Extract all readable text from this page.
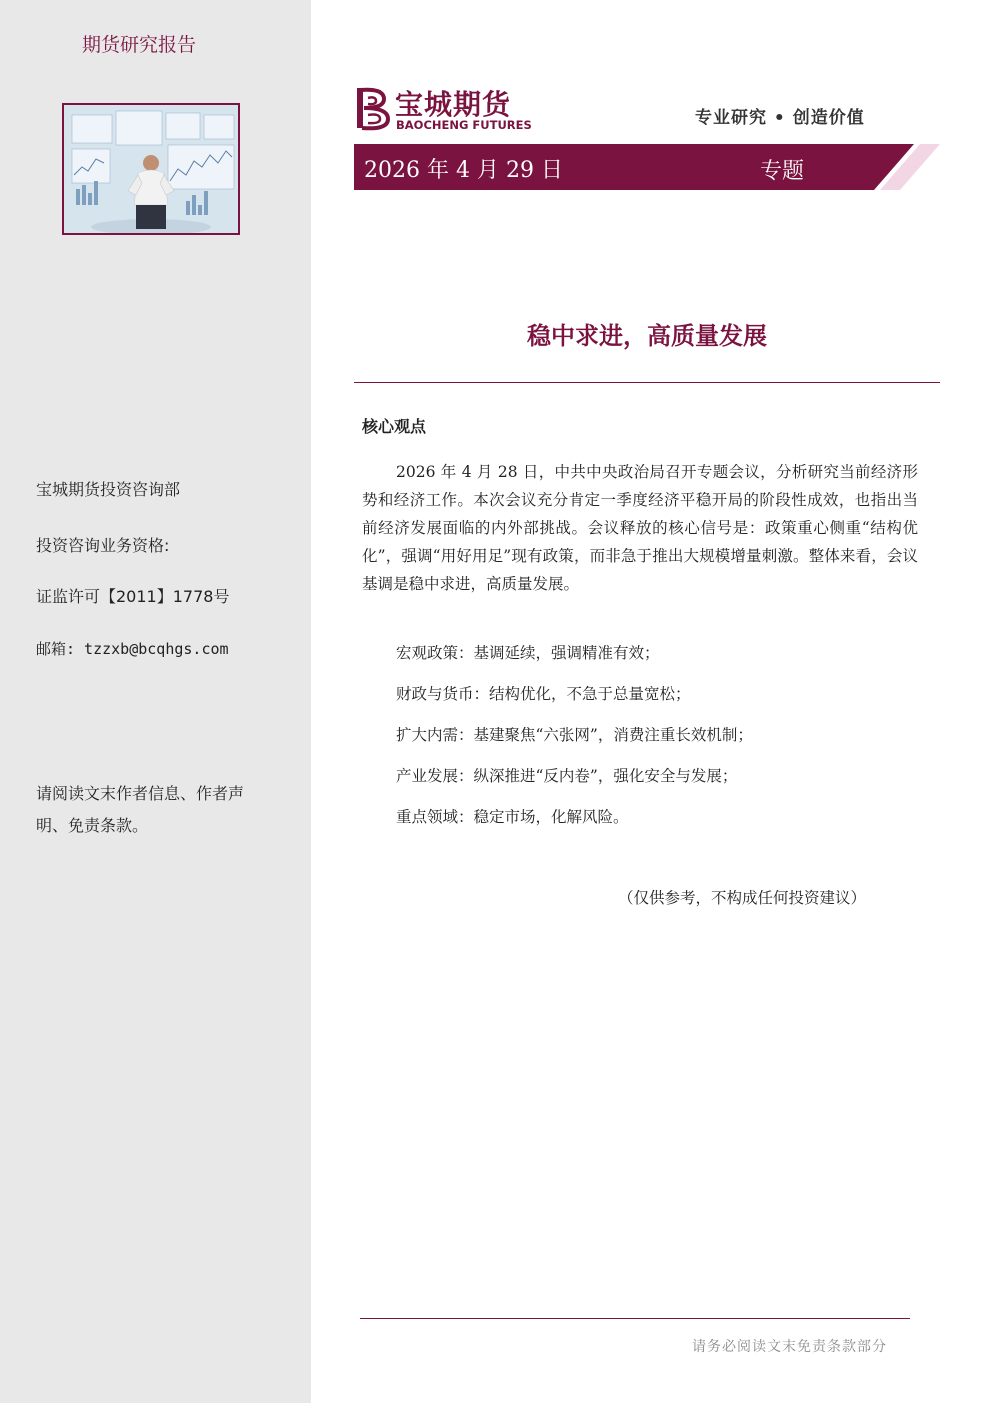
期货研究报告
宝城期货投资咨询部
投资咨询业务资格:
证监许可【2011】1778号
邮箱: tzzxb@bcqhgs.com
请阅读文末作者信息、作者声
明、免责条款。
宝城期货
BAOCHENG FUTURES	专业研究 • 创造价值
2026 年 4 月 29 日	专题
稳中求进，高质量发展
核心观点
2026 年 4 月 28 日，中共中央政治局召开专题会议，分析研究当前经济形势和经济工作。本次会议充分肯定一季度经济平稳开局的阶段性成效，也指出当前经济发展面临的内外部挑战。会议释放的核心信号是：政策重心侧重“结构优化”，强调“用好用足”现有政策，而非急于推出大规模增量刺激。整体来看，会议基调是稳中求进，高质量发展。
宏观政策：基调延续，强调精准有效；
财政与货币：结构优化，不急于总量宽松；
扩大内需：基建聚焦“六张网”，消费注重长效机制；
产业发展：纵深推进“反内卷”，强化安全与发展；
重点领域：稳定市场，化解风险。
（仅供参考，不构成任何投资建议）
请务必阅读文末免责条款部分
